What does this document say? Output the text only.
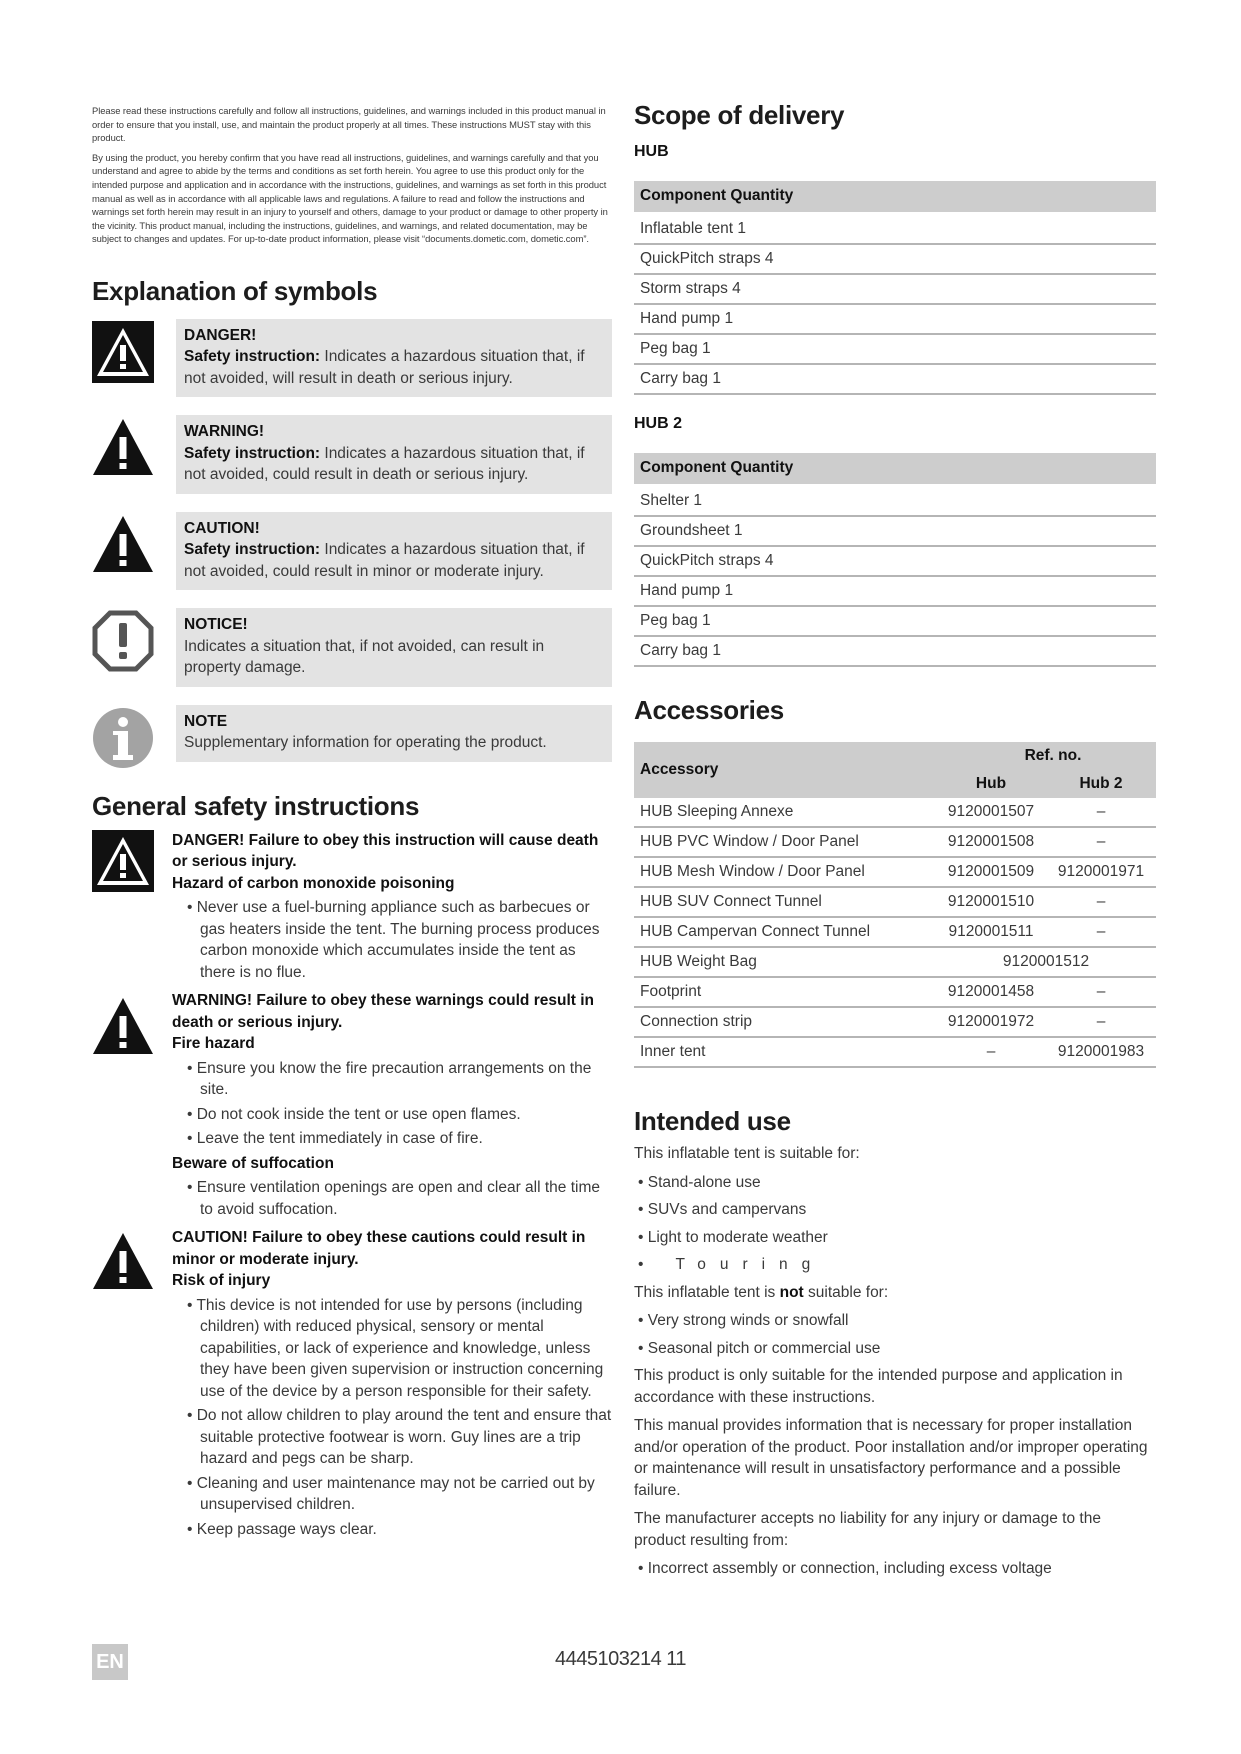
Please read these instructions carefully and follow all instructions, guidelines, and warnings included in this product manual in order to ensure that you install, use, and maintain the product properly at all times. These instructions MUST stay with this product.

By using the product, you hereby confirm that you have read all instructions, guidelines, and warnings carefully and that you understand and agree to abide by the terms and conditions as set forth herein. You agree to use this product only for the intended purpose and application and in accordance with the instructions, guidelines, and warnings as set forth in this product manual as well as in accordance with all applicable laws and regulations. A failure to read and follow the instructions and warnings set forth herein may result in an injury to yourself and others, damage to your product or damage to other property in the vicinity. This product manual, including the instructions, guidelines, and warnings, and related documentation, may be subject to changes and updates. For up-to-date product information, please visit “documents.dometic.com, dometic.com”.

Explanation of symbols
DANGER!
Safety instruction: Indicates a hazardous situation that, if not avoided, will result in death or serious injury.
WARNING!
Safety instruction: Indicates a hazardous situation that, if not avoided, could result in death or serious injury.
CAUTION!
Safety instruction: Indicates a hazardous situation that, if not avoided, could result in minor or moderate injury.
NOTICE!
Indicates a situation that, if not avoided, can result in property damage.
NOTE
Supplementary information for operating the product.
General safety instructions
DANGER! Failure to obey this instruction will cause death or serious injury.
Hazard of carbon monoxide poisoning
• Never use a fuel-burning appliance such as barbecues or gas heaters inside the tent. The burning process produces carbon monoxide which accumulates inside the tent as there is no flue.
WARNING! Failure to obey these warnings could result in death or serious injury.
Fire hazard
• Ensure you know the fire precaution arrangements on the site.
• Do not cook inside the tent or use open flames.
• Leave the tent immediately in case of fire.
Beware of suffocation
• Ensure ventilation openings are open and clear all the time to avoid suffocation.
CAUTION! Failure to obey these cautions could result in minor or moderate injury.
Risk of injury
• This device is not intended for use by persons (including children) with reduced physical, sensory or mental capabilities, or lack of experience and knowledge, unless they have been given supervision or instruction concerning use of the device by a person responsible for their safety.
• Do not allow children to play around the tent and ensure that suitable protective footwear is worn. Guy lines are a trip hazard and pegs can be sharp.
• Cleaning and user maintenance may not be carried out by unsupervised children.
• Keep passage ways clear.
Scope of delivery
HUB
Component Quantity
Inflatable tent 1
QuickPitch straps 4
Storm straps 4
Hand pump 1
Peg bag 1
Carry bag 1
HUB 2
Component Quantity
Shelter 1
Groundsheet 1
QuickPitch straps 4
Hand pump 1
Peg bag 1
Carry bag 1
Accessories
Accessory	Ref. no.	
	Hub	Hub 2
HUB Sleeping Annexe	9120001507	–
HUB PVC Window / Door Panel	9120001508	–
HUB Mesh Window / Door Panel	9120001509	9120001971
HUB SUV Connect Tunnel	9120001510	–
HUB Campervan Connect Tunnel	9120001511	–
HUB Weight Bag	9120001512	
Footprint	9120001458	–
Connection strip	9120001972	–
Inner tent	–	9120001983
Intended use

This inflatable tent is suitable for:

• Stand-alone use
• SUVs and campervans
• Light to moderate weather
• Touring

This inflatable tent is not suitable for:

• Very strong winds or snowfall
• Seasonal pitch or commercial use

This product is only suitable for the intended purpose and application in accordance with these instructions.

This manual provides information that is necessary for proper installation and/or operation of the product. Poor installation and/or improper operating or maintenance will result in unsatisfactory performance and a possible failure.

The manufacturer accepts no liability for any injury or damage to the product resulting from:

• Incorrect assembly or connection, including excess voltage
EN	4445103214 11
